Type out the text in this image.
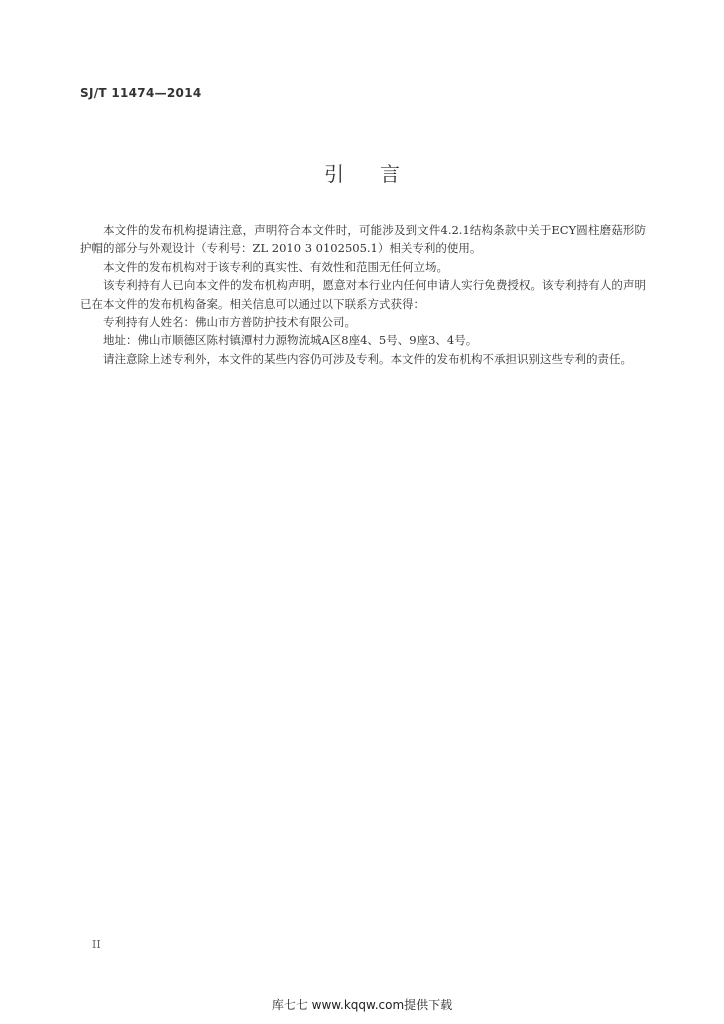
SJ/T 11474—2014
引言

本文件的发布机构提请注意，声明符合本文件时，可能涉及到文件4.2.1结构条款中关于ECY圆柱磨菇形防护帽的部分与外观设计（专利号：ZL 2010 3 0102505.1）相关专利的使用。

本文件的发布机构对于该专利的真实性、有效性和范围无任何立场。

该专利持有人已向本文件的发布机构声明，愿意对本行业内任何申请人实行免费授权。该专利持有人的声明已在本文件的发布机构备案。相关信息可以通过以下联系方式获得：

专利持有人姓名：佛山市方普防护技术有限公司。

地址：佛山市顺德区陈村镇潭村力源物流城A区8座4、5号、9座3、4号。

请注意除上述专利外，本文件的某些内容仍可涉及专利。本文件的发布机构不承担识别这些专利的责任。

II
库七七 www.kqqw.com提供下载
